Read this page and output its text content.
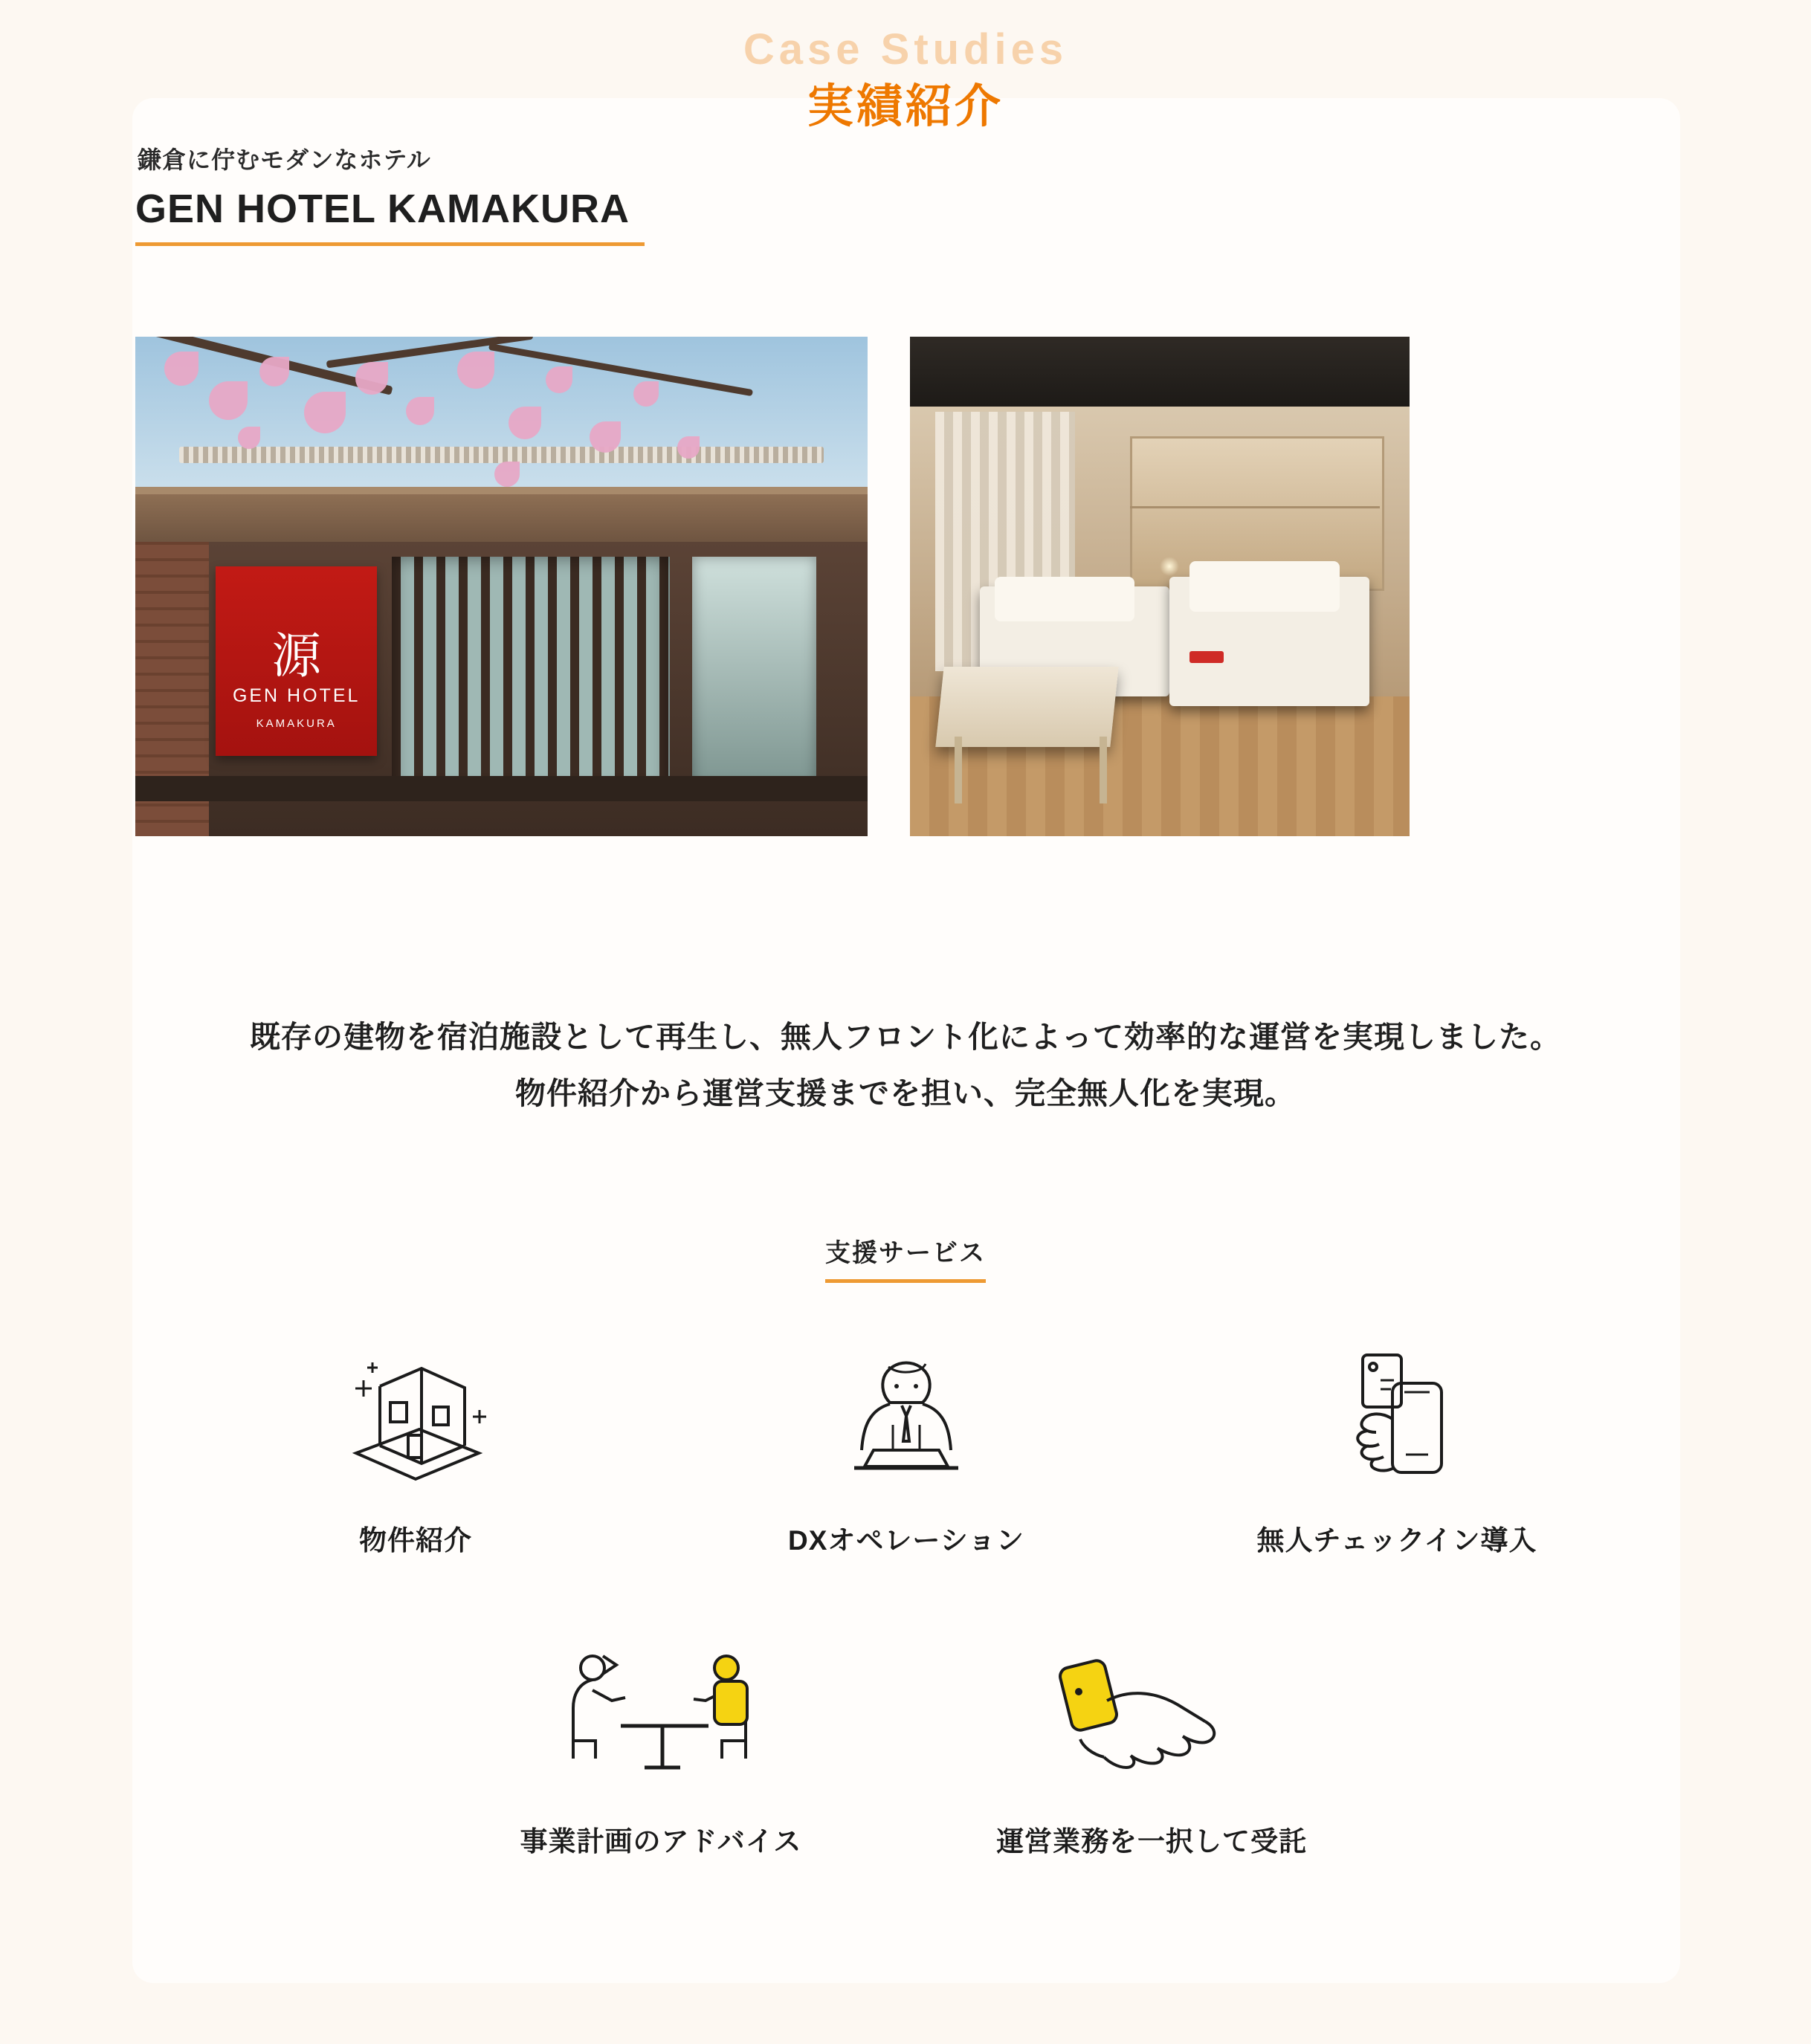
Case Studies
実績紹介
鎌倉に佇むモダンなホテル
GEN HOTEL KAMAKURA
源
GEN HOTEL
KAMAKURA
既存の建物を宿泊施設として再生し、無人フロント化によって効率的な運営を実現しました。
物件紹介から運営支援までを担い、完全無人化を実現。
支援サービス
物件紹介	DXオペレーション	無人チェックイン導入
事業計画のアドバイス	運営業務を一択して受託
